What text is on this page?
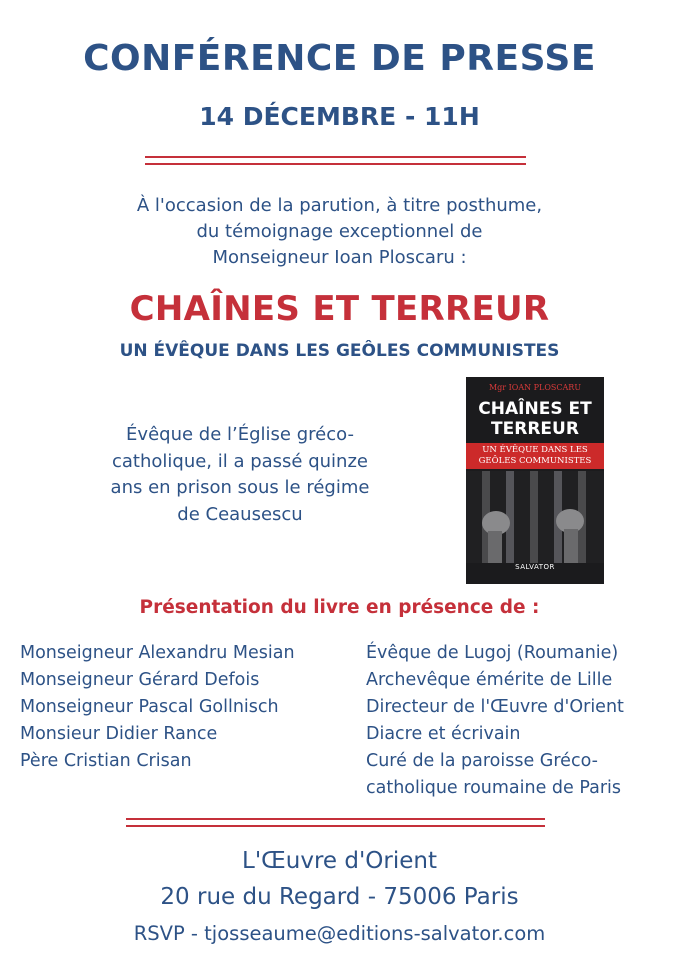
CONFÉRENCE DE PRESSE
14 DÉCEMBRE - 11H
À l'occasion de la parution, à titre posthume,
du témoignage exceptionnel de
Monseigneur Ioan Ploscaru :
CHAÎNES ET TERREUR
UN ÉVÊQUE DANS LES GEÔLES COMMUNISTES
Évêque de l’Église gréco-
catholique, il a passé quinze
ans en prison sous le régime
de Ceausescu
Mgr IOAN PLOSCARU
CHAÎNES ET
TERREUR
UN ÉVÊQUE DANS LES
GEÔLES COMMUNISTES
SALVATOR
Présentation du livre en présence de :
Monseigneur Alexandru Mesian
Monseigneur Gérard Defois
Monseigneur Pascal Gollnisch
Monsieur Didier Rance
Père Cristian Crisan
Évêque de Lugoj (Roumanie)
Archevêque émérite de Lille
Directeur de l'Œuvre d'Orient
Diacre et écrivain
Curé de la paroisse Gréco-
catholique roumaine de Paris
L'Œuvre d'Orient
20 rue du Regard - 75006 Paris
RSVP - tjosseaume@editions-salvator.com
